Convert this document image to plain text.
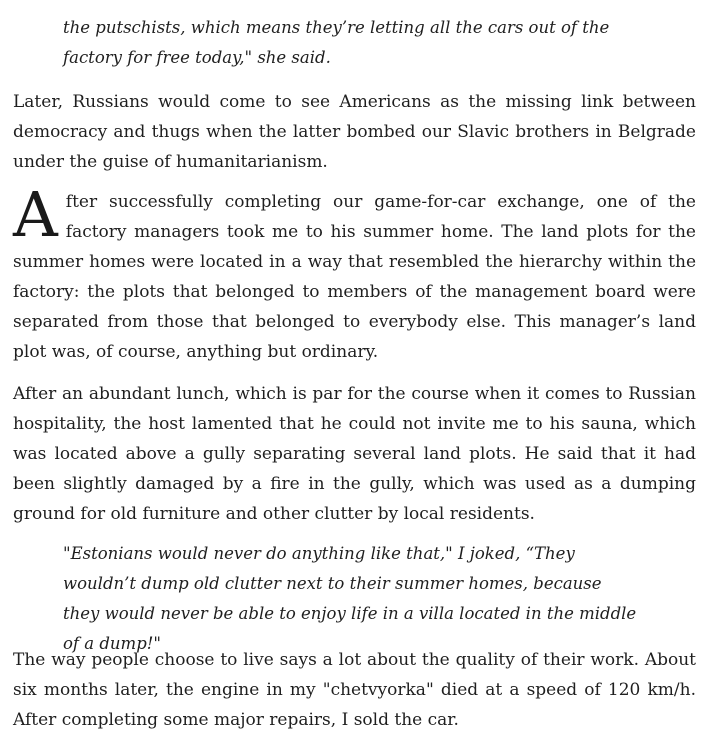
the putschists, which means they’re letting all the cars out of the factory for free today," she said.

Later, Russians would come to see Americans as the missing link between democracy and thugs when the latter bombed our Slavic brothers in Belgrade under the guise of humanitarianism.

After successfully completing our game-for-car exchange, one of the factory managers took me to his summer home. The land plots for the summer homes were located in a way that resembled the hierarchy within the factory: the plots that belonged to members of the management board were separated from those that belonged to everybody else. This manager’s land plot was, of course, anything but ordinary.

After an abundant lunch, which is par for the course when it comes to Russian hospitality, the host lamented that he could not invite me to his sauna, which was located above a gully separating several land plots. He said that it had been slightly damaged by a fire in the gully, which was used as a dumping ground for old furniture and other clutter by local residents.

"Estonians would never do anything like that," I joked, “They wouldn’t dump old clutter next to their summer homes, because they would never be able to enjoy life in a villa located in the middle of a dump!"

The way people choose to live says a lot about the quality of their work. About six months later, the engine in my "chetvyorka" died at a speed of 120 km/h. After completing some major repairs, I sold the car.
